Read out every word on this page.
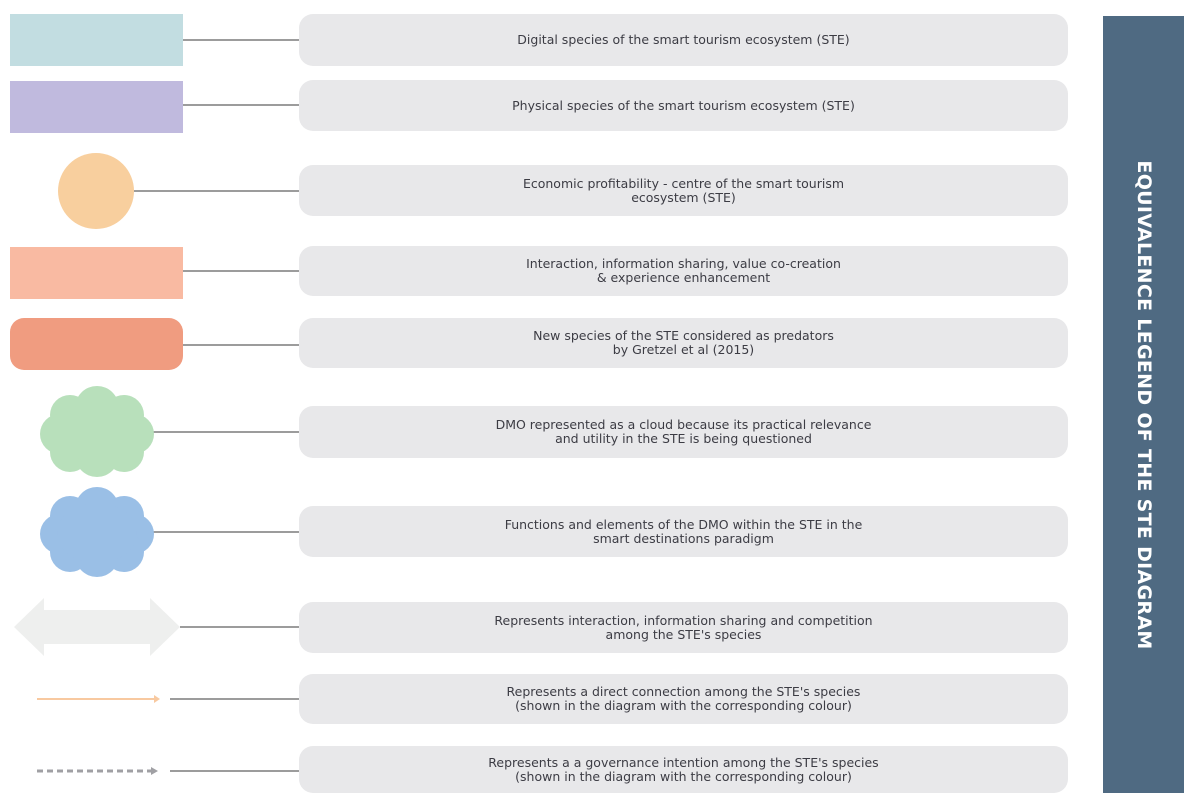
Digital species of the smart tourism ecosystem (STE)
Physical species of the smart tourism ecosystem (STE)
Economic profitability - centre of the smart tourism
ecosystem (STE)
Interaction, information sharing, value co-creation
& experience enhancement
New species of the STE considered as predators
by Gretzel et al (2015)
DMO represented as a cloud because its practical relevance
and utility in the STE is being questioned
Functions and elements of the DMO within the STE in the
smart destinations paradigm
Represents interaction, information sharing and competition
among the STE's species
Represents a direct connection among the STE's species
(shown in the diagram with the corresponding colour)
Represents a a governance intention among the STE's species
(shown in the diagram with the corresponding colour)
EQUIVALENCE LEGEND OF THE STE DIAGRAM
